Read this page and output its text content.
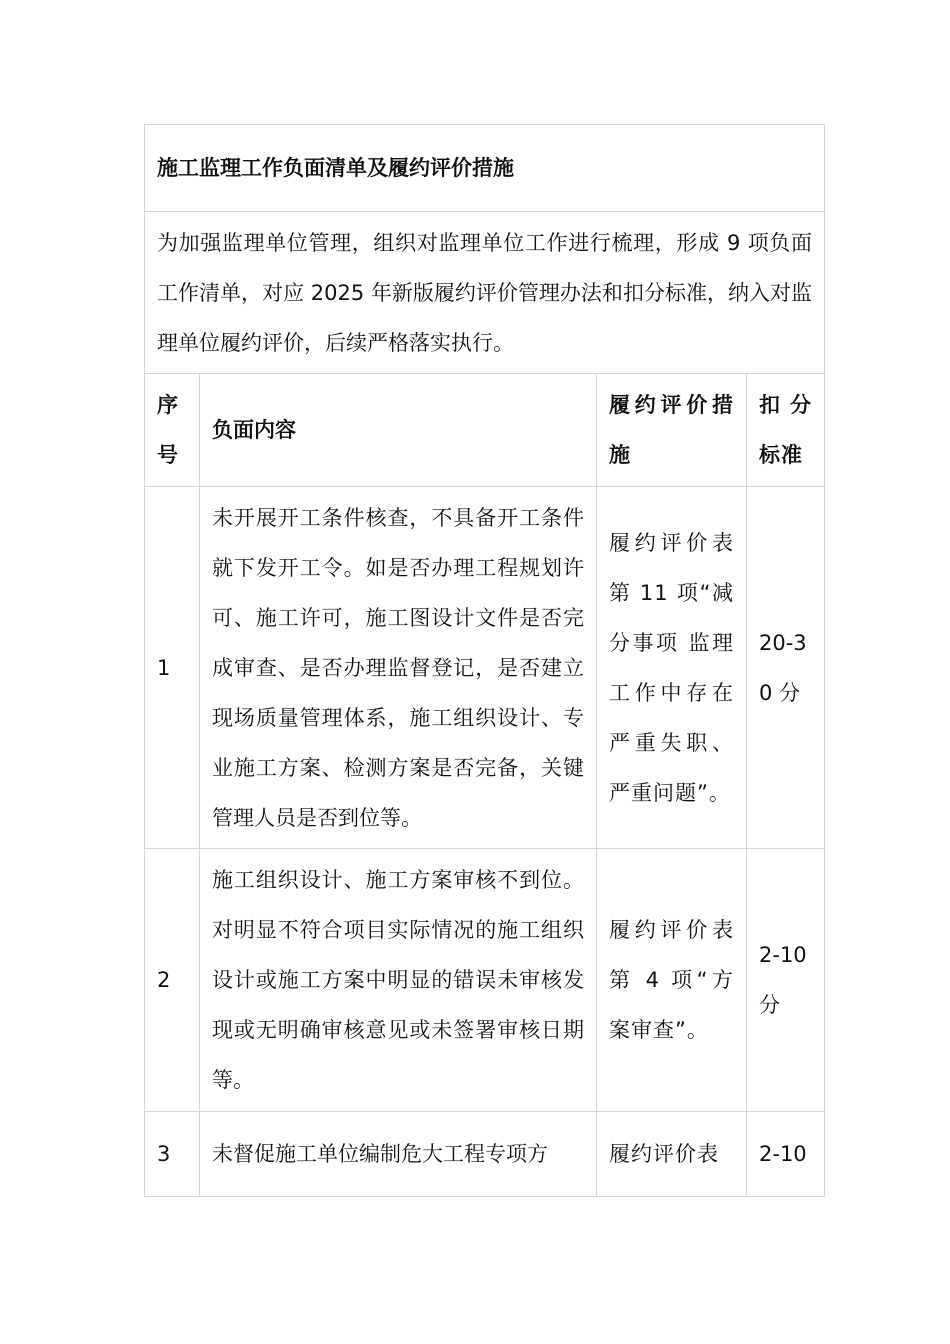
施工监理工作负面清单及履约评价措施			
为加强监理单位管理，组织对监理单位工作进行梳理，形成 9 项负面工作清单，对应 2025 年新版履约评价管理办法和扣分标准，纳入对监理单位履约评价，后续严格落实执行。			
序号	负面内容	履约评价措施	扣分标准
1	未开展开工条件核查，不具备开工条件就下发开工令。如是否办理工程规划许可、施工许可，施工图设计文件是否完成审查、是否办理监督登记，是否建立现场质量管理体系，施工组织设计、专业施工方案、检测方案是否完备，关键管理人员是否到位等。	履约评价表第 11 项“减分事项 监理工作中存在严重失职、严重问题”。	20-30 分
2	施工组织设计、施工方案审核不到位。对明显不符合项目实际情况的施工组织设计或施工方案中明显的错误未审核发现或无明确审核意见或未签署审核日期等。	履约评价表第 4 项“方案审查”。	2-10 分
3	未督促施工单位编制危大工程专项方	履约评价表	2-10
